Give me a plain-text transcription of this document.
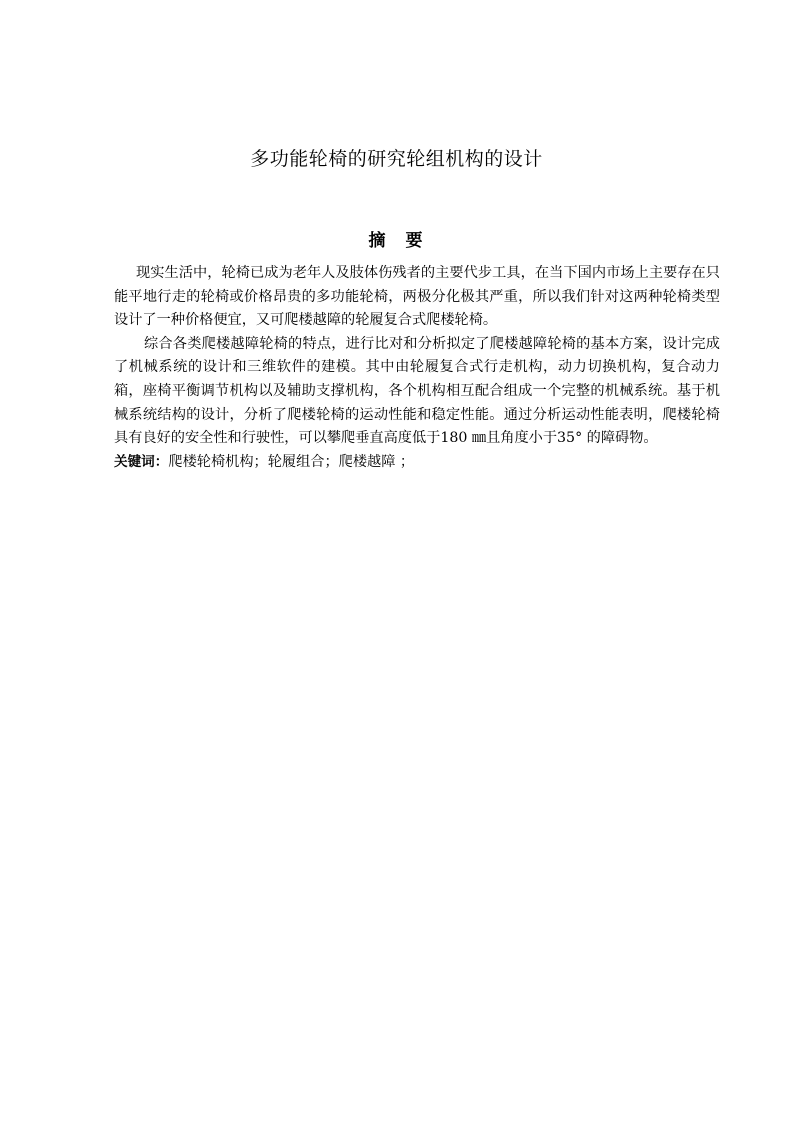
多功能轮椅的研究轮组机构的设计
摘 要

现实生活中，轮椅已成为老年人及肢体伤残者的主要代步工具，在当下国内市场上主要存在只能平地行走的轮椅或价格昂贵的多功能轮椅，两极分化极其严重，所以我们针对这两种轮椅类型设计了一种价格便宜，又可爬楼越障的轮履复合式爬楼轮椅。

综合各类爬楼越障轮椅的特点，进行比对和分析拟定了爬楼越障轮椅的基本方案，设计完成了机械系统的设计和三维软件的建模。其中由轮履复合式行走机构，动力切换机构，复合动力箱，座椅平衡调节机构以及辅助支撑机构，各个机构相互配合组成一个完整的机械系统。基于机械系统结构的设计，分析了爬楼轮椅的运动性能和稳定性能。通过分析运动性能表明，爬楼轮椅具有良好的安全性和行驶性，可以攀爬垂直高度低于180 ㎜且角度小于35° 的障碍物。

关键词：爬楼轮椅机构；轮履组合；爬楼越障 ；
